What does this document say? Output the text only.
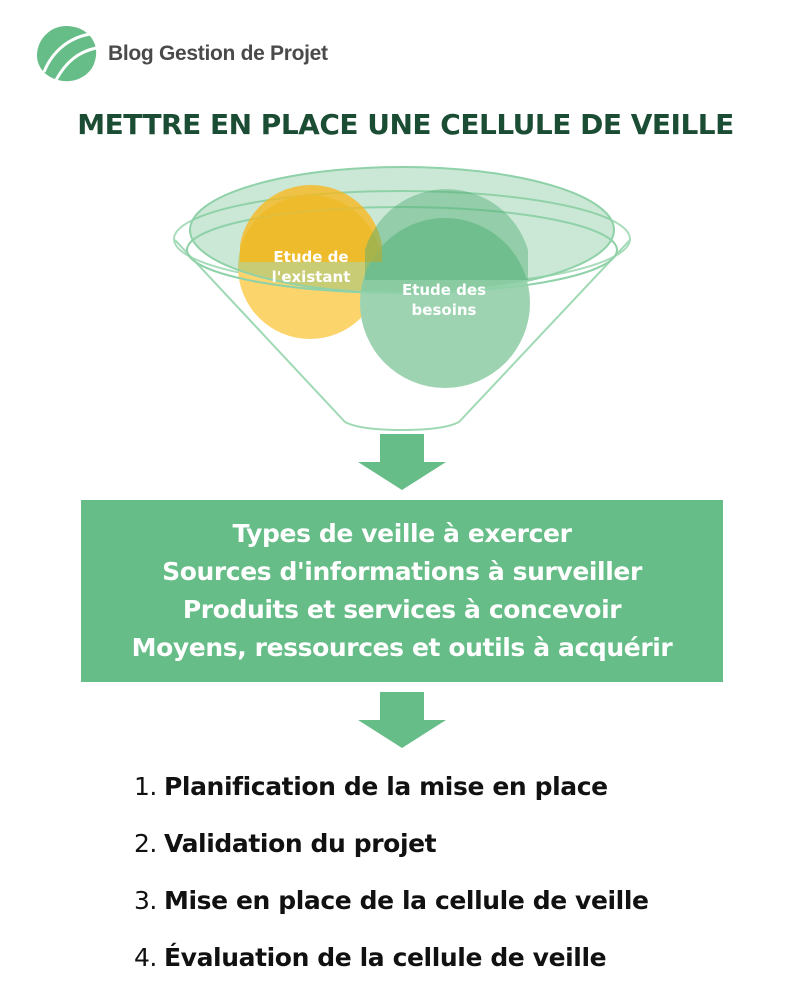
Blog Gestion de Projet
METTRE EN PLACE UNE CELLULE DE VEILLE
Etude de
l'existant
Etude des
besoins
Types de veille à exercer
Sources d'informations à surveiller
Produits et services à concevoir
Moyens, ressources et outils à acquérir
1. Planification de la mise en place
2. Validation du projet
3. Mise en place de la cellule de veille
4. Évaluation de la cellule de veille
